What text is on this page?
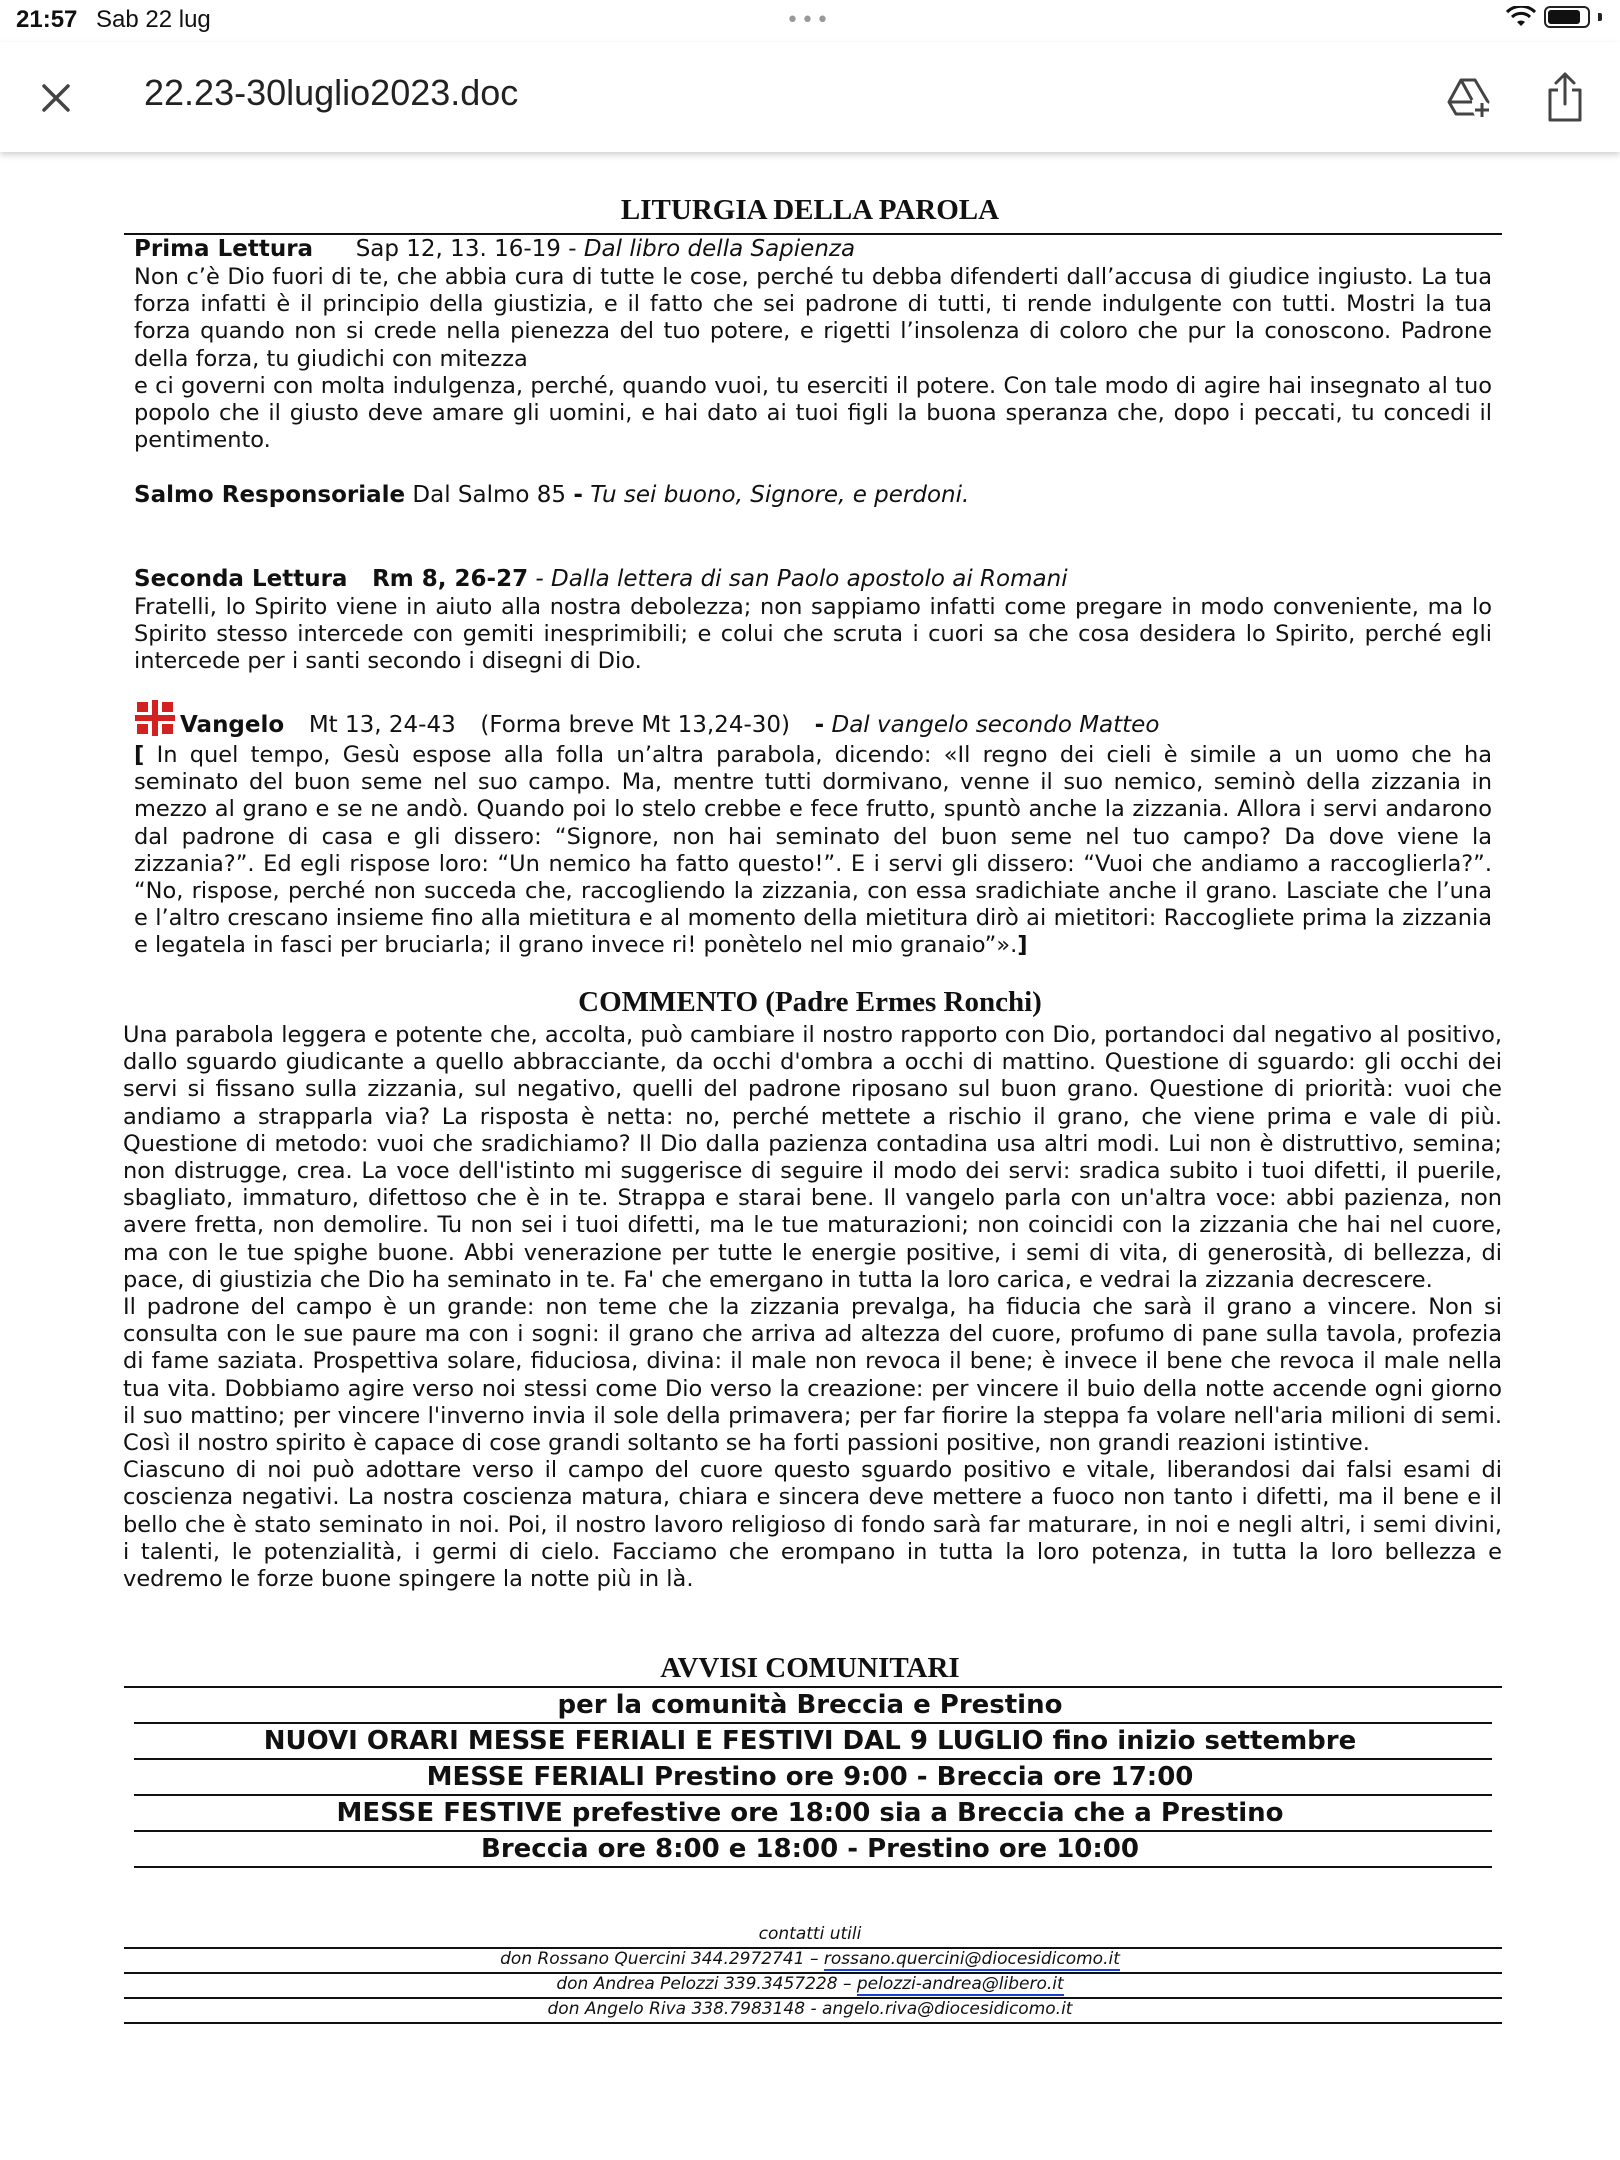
21:57 Sab 22 lug	•••
22.23-30luglio2023.doc
LITURGIA DELLA PAROLA
Prima Lettura Sap 12, 13. 16-19 - Dal libro della Sapienza

Non c’è Dio fuori di te, che abbia cura di tutte le cose, perché tu debba difenderti dall’accusa di giudice ingiusto. La tua forza infatti è il principio della giustizia, e il fatto che sei padrone di tutti, ti rende indulgente con tutti. Mostri la tua forza quando non si crede nella pienezza del tuo potere, e rigetti l’insolenza di coloro che pur la conoscono. Padrone della forza, tu giudichi con mitezza

e ci governi con molta indulgenza, perché, quando vuoi, tu eserciti il potere. Con tale modo di agire hai insegnato al tuo popolo che il giusto deve amare gli uomini, e hai dato ai tuoi figli la buona speranza che, dopo i peccati, tu concedi il pentimento.

Salmo Responsoriale Dal Salmo 85 - Tu sei buono, Signore, e perdoni.
Seconda Lettura Rm 8, 26-27 - Dalla lettera di san Paolo apostolo ai Romani

Fratelli, lo Spirito viene in aiuto alla nostra debolezza; non sappiamo infatti come pregare in modo conveniente, ma lo Spirito stesso intercede con gemiti inesprimibili; e colui che scruta i cuori sa che cosa desidera lo Spirito, perché egli intercede per i santi secondo i disegni di Dio.

Vangelo Mt 13, 24-43 (Forma breve Mt 13,24-30) - Dal vangelo secondo Matteo

[ In quel tempo, Gesù espose alla folla un’altra parabola, dicendo: «Il regno dei cieli è simile a un uomo che ha seminato del buon seme nel suo campo. Ma, mentre tutti dormivano, venne il suo nemico, seminò della zizzania in mezzo al grano e se ne andò. Quando poi lo stelo crebbe e fece frutto, spuntò anche la zizzania. Allora i servi andarono dal padrone di casa e gli dissero: “Signore, non hai seminato del buon seme nel tuo campo? Da dove viene la zizzania?”. Ed egli rispose loro: “Un nemico ha fatto questo!”. E i servi gli dissero: “Vuoi che andiamo a raccoglierla?”. “No, rispose, perché non succeda che, raccogliendo la zizzania, con essa sradichiate anche il grano. Lasciate che l’una e l’altro crescano insieme fino alla mietitura e al momento della mietitura dirò ai mietitori: Raccogliete prima la zizzania e legatela in fasci per bruciarla; il grano invece ri! ponètelo nel mio granaio”».]

COMMENTO (Padre Ermes Ronchi)

Una parabola leggera e potente che, accolta, può cambiare il nostro rapporto con Dio, portandoci dal negativo al positivo, dallo sguardo giudicante a quello abbracciante, da occhi d'ombra a occhi di mattino. Questione di sguardo: gli occhi dei servi si fissano sulla zizzania, sul negativo, quelli del padrone riposano sul buon grano. Questione di priorità: vuoi che andiamo a strapparla via? La risposta è netta: no, perché mettete a rischio il grano, che viene prima e vale di più. Questione di metodo: vuoi che sradichiamo? Il Dio dalla pazienza contadina usa altri modi. Lui non è distruttivo, semina; non distrugge, crea. La voce dell'istinto mi suggerisce di seguire il modo dei servi: sradica subito i tuoi difetti, il puerile, sbagliato, immaturo, difettoso che è in te. Strappa e starai bene. Il vangelo parla con un'altra voce: abbi pazienza, non avere fretta, non demolire. Tu non sei i tuoi difetti, ma le tue maturazioni; non coincidi con la zizzania che hai nel cuore, ma con le tue spighe buone. Abbi venerazione per tutte le energie positive, i semi di vita, di generosità, di bellezza, di pace, di giustizia che Dio ha seminato in te. Fa' che emergano in tutta la loro carica, e vedrai la zizzania decrescere.

Il padrone del campo è un grande: non teme che la zizzania prevalga, ha fiducia che sarà il grano a vincere. Non si consulta con le sue paure ma con i sogni: il grano che arriva ad altezza del cuore, profumo di pane sulla tavola, profezia di fame saziata. Prospettiva solare, fiduciosa, divina: il male non revoca il bene; è invece il bene che revoca il male nella tua vita. Dobbiamo agire verso noi stessi come Dio verso la creazione: per vincere il buio della notte accende ogni giorno il suo mattino; per vincere l'inverno invia il sole della primavera; per far fiorire la steppa fa volare nell'aria milioni di semi. Così il nostro spirito è capace di cose grandi soltanto se ha forti passioni positive, non grandi reazioni istintive.

Ciascuno di noi può adottare verso il campo del cuore questo sguardo positivo e vitale, liberandosi dai falsi esami di coscienza negativi. La nostra coscienza matura, chiara e sincera deve mettere a fuoco non tanto i difetti, ma il bene e il bello che è stato seminato in noi. Poi, il nostro lavoro religioso di fondo sarà far maturare, in noi e negli altri, i semi divini, i talenti, le potenzialità, i germi di cielo. Facciamo che erompano in tutta la loro potenza, in tutta la loro bellezza e vedremo le forze buone spingere la notte più in là.

AVVISI COMUNITARI
per la comunità Breccia e Prestino
NUOVI ORARI MESSE FERIALI E FESTIVI DAL 9 LUGLIO fino inizio settembre
MESSE FERIALI Prestino ore 9:00 - Breccia ore 17:00
MESSE FESTIVE prefestive ore 18:00 sia a Breccia che a Prestino
Breccia ore 8:00 e 18:00 - Prestino ore 10:00
contatti utili
don Rossano Quercini 344.2972741 – rossano.quercini@diocesidicomo.it
don Andrea Pelozzi 339.3457228 – pelozzi-andrea@libero.it
don Angelo Riva 338.7983148 - angelo.riva@diocesidicomo.it
